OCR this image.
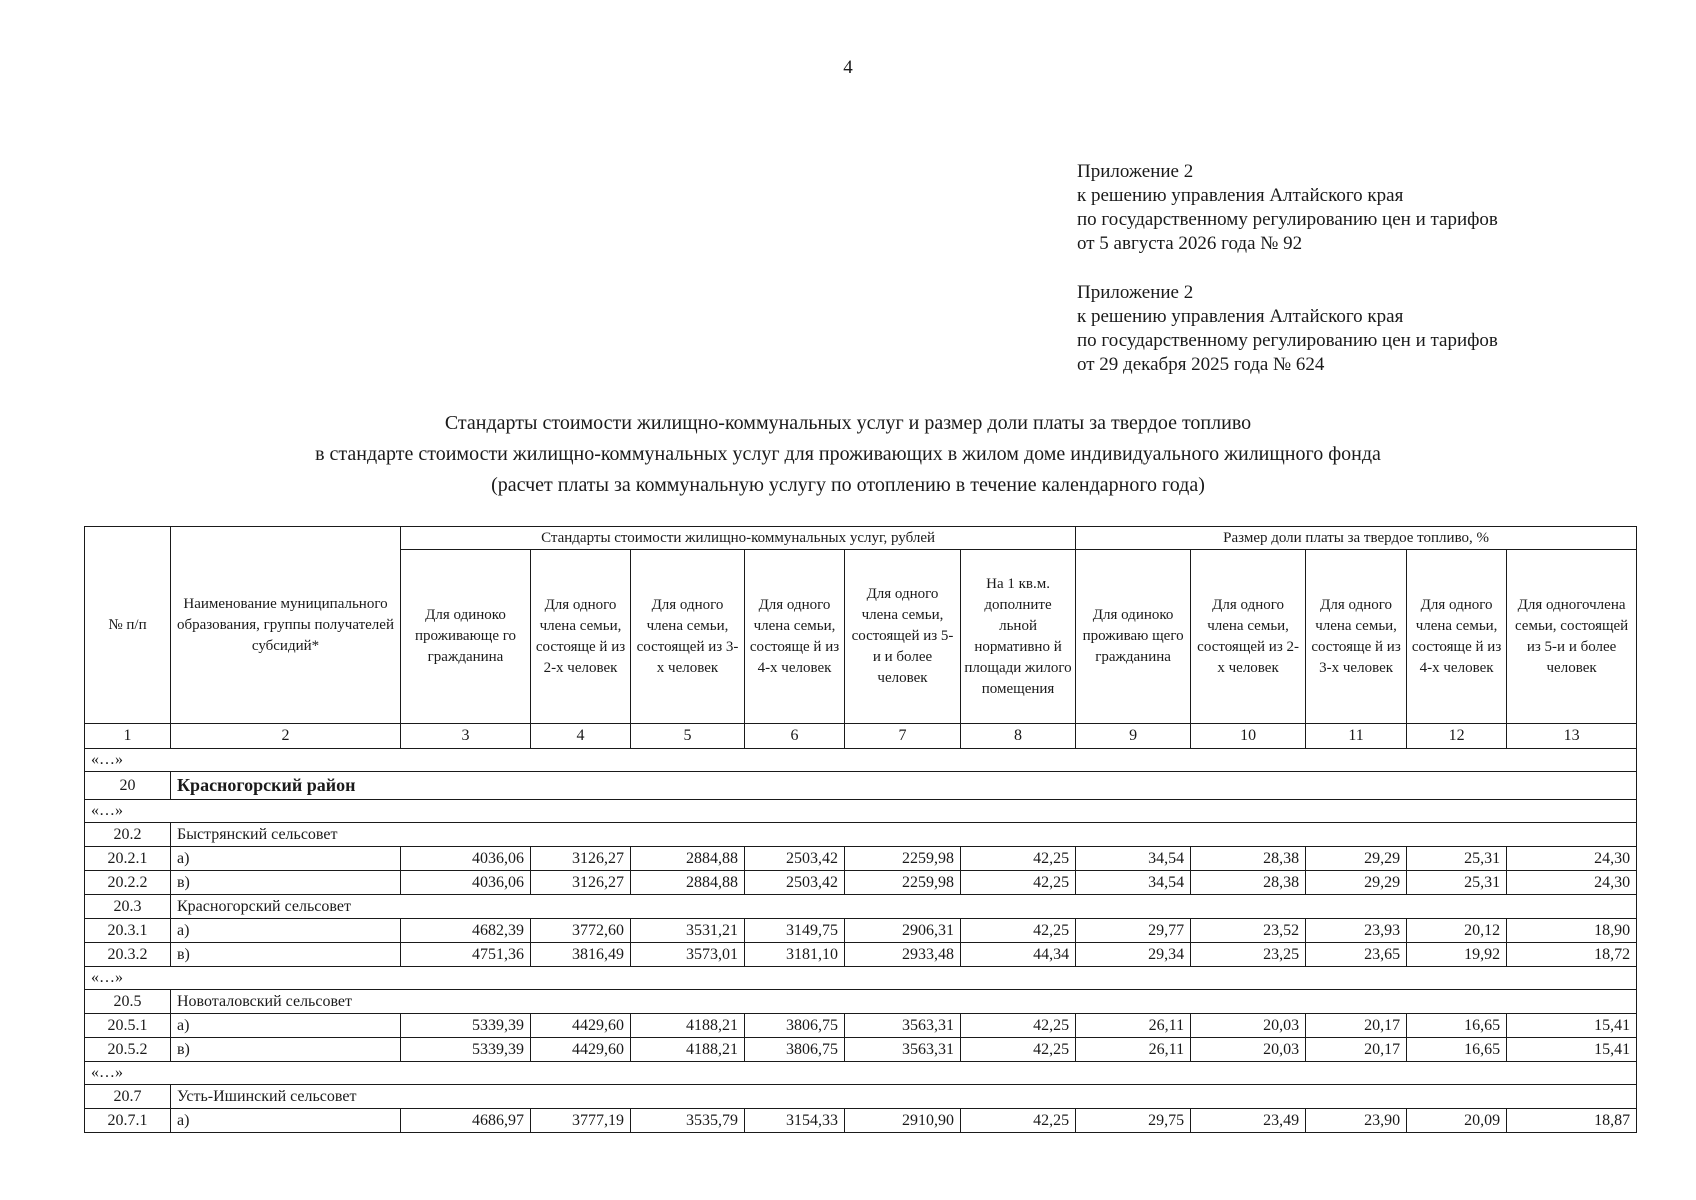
4
Приложение 2
к решению управления Алтайского края
по государственному регулированию цен и тарифов
от 5 августа 2026 года № 92
Приложение 2
к решению управления Алтайского края
по государственному регулированию цен и тарифов
от 29 декабря 2025 года № 624
Стандарты стоимости жилищно-коммунальных услуг и размер доли платы за твердое топливо
в стандарте стоимости жилищно-коммунальных услуг для проживающих в жилом доме индивидуального жилищного фонда
(расчет платы за коммунальную услугу по отоплению в течение календарного года)
№ п/п	Наименование муниципального образования, группы получателей субсидий*	Стандарты стоимости жилищно-коммунальных услуг, рублей						Размер доли платы за твердое топливо, %				
		Для одиноко проживающе го гражданина	Для одного члена семьи, состояще й из 2-х человек	Для одного члена семьи, состоящей из 3-х человек	Для одного члена семьи, состояще й из 4-х человек	Для одного члена семьи, состоящей из 5-и и более человек	На 1 кв.м. дополните льной нормативно й площади жилого помещения	Для одиноко проживаю щего гражданина	Для одного члена семьи, состоящей из 2-х человек	Для одного члена семьи, состояще й из 3-х человек	Для одного члена семьи, состояще й из 4-х человек	Для одногочлена семьи, состоящей из 5-и и более человек
1	2	3	4	5	6	7	8	9	10	11	12	13
«…»												
20	Красногорский район											
«…»												
20.2	Быстрянский сельсовет											
20.2.1	а)	4036,06	3126,27	2884,88	2503,42	2259,98	42,25	34,54	28,38	29,29	25,31	24,30
20.2.2	в)	4036,06	3126,27	2884,88	2503,42	2259,98	42,25	34,54	28,38	29,29	25,31	24,30
20.3	Красногорский сельсовет											
20.3.1	а)	4682,39	3772,60	3531,21	3149,75	2906,31	42,25	29,77	23,52	23,93	20,12	18,90
20.3.2	в)	4751,36	3816,49	3573,01	3181,10	2933,48	44,34	29,34	23,25	23,65	19,92	18,72
«…»												
20.5	Новоталовский сельсовет											
20.5.1	а)	5339,39	4429,60	4188,21	3806,75	3563,31	42,25	26,11	20,03	20,17	16,65	15,41
20.5.2	в)	5339,39	4429,60	4188,21	3806,75	3563,31	42,25	26,11	20,03	20,17	16,65	15,41
«…»												
20.7	Усть-Ишинский сельсовет											
20.7.1	а)	4686,97	3777,19	3535,79	3154,33	2910,90	42,25	29,75	23,49	23,90	20,09	18,87
